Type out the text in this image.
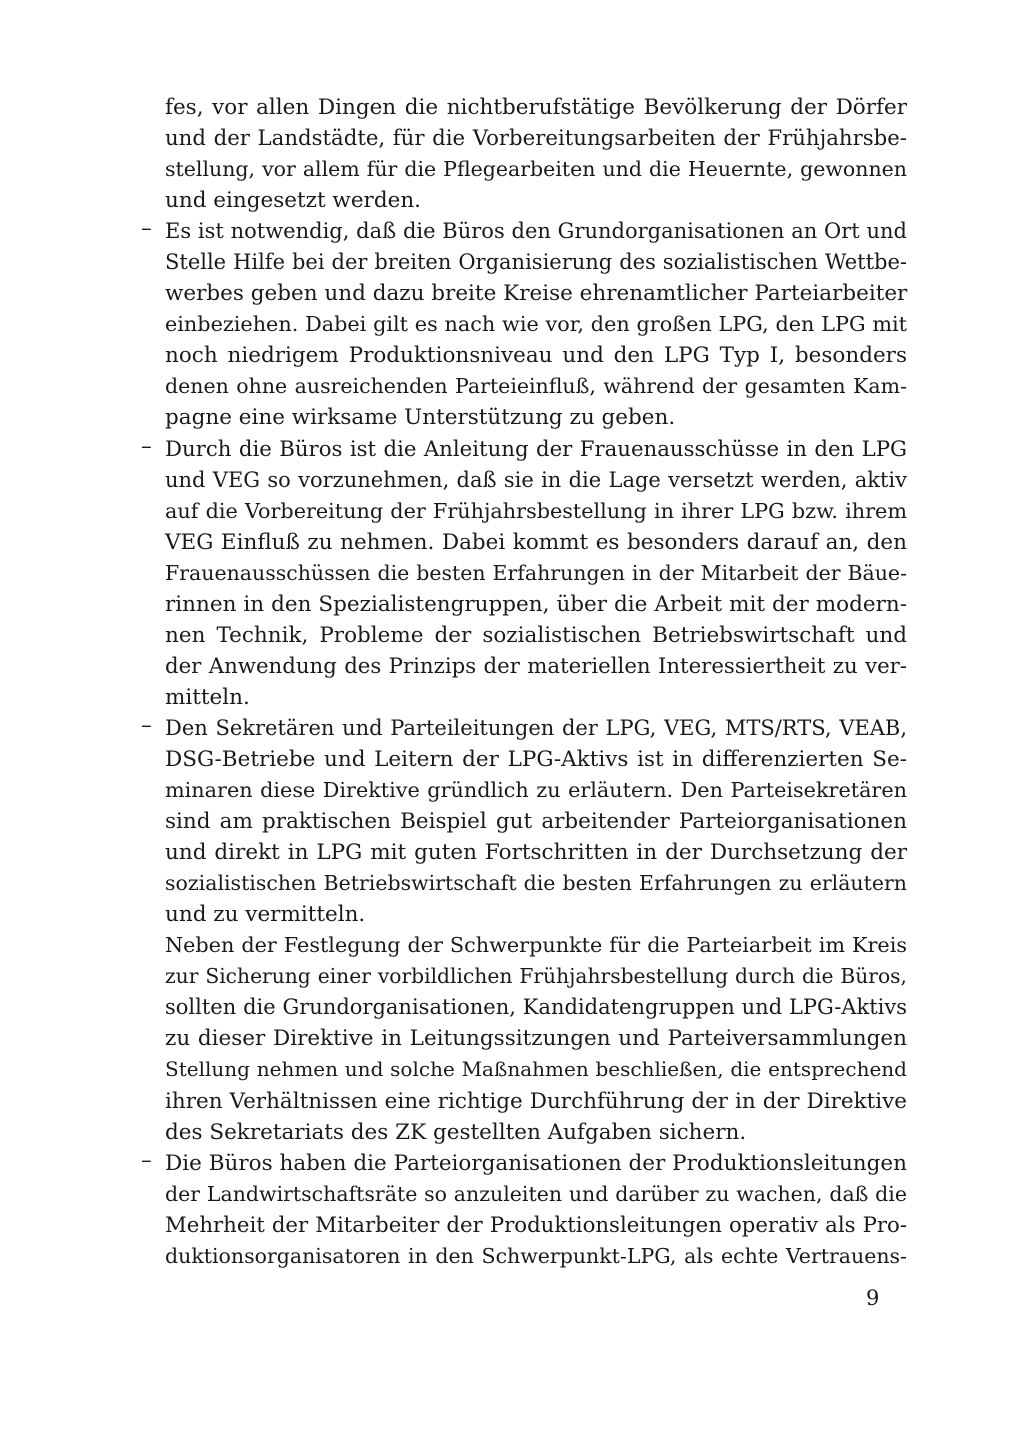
fes, vor allen Dingen die nichtberufstätige Bevölkerung der Dörfer
und der Landstädte, für die Vorbereitungsarbeiten der Frühjahrsbe-
stellung, vor allem für die Pflegearbeiten und die Heuernte, gewonnen
und eingesetzt werden.
– Es ist notwendig, daß die Büros den Grundorganisationen an Ort und
Stelle Hilfe bei der breiten Organisierung des sozialistischen Wettbe-
werbes geben und dazu breite Kreise ehrenamtlicher Parteiarbeiter
einbeziehen. Dabei gilt es nach wie vor, den großen LPG, den LPG mit
noch niedrigem Produktionsniveau und den LPG Typ I, besonders
denen ohne ausreichenden Parteieinfluß, während der gesamten Kam-
pagne eine wirksame Unterstützung zu geben.
– Durch die Büros ist die Anleitung der Frauenausschüsse in den LPG
und VEG so vorzunehmen, daß sie in die Lage versetzt werden, aktiv
auf die Vorbereitung der Frühjahrsbestellung in ihrer LPG bzw. ihrem
VEG Einfluß zu nehmen. Dabei kommt es besonders darauf an, den
Frauenausschüssen die besten Erfahrungen in der Mitarbeit der Bäue-
rinnen in den Spezialistengruppen, über die Arbeit mit der modern-
nen Technik, Probleme der sozialistischen Betriebswirtschaft und
der Anwendung des Prinzips der materiellen Interessiertheit zu ver-
mitteln.
– Den Sekretären und Parteileitungen der LPG, VEG, MTS/RTS, VEAB,
DSG-Betriebe und Leitern der LPG-Aktivs ist in differenzierten Se-
minaren diese Direktive gründlich zu erläutern. Den Parteisekretären
sind am praktischen Beispiel gut arbeitender Parteiorganisationen
und direkt in LPG mit guten Fortschritten in der Durchsetzung der
sozialistischen Betriebswirtschaft die besten Erfahrungen zu erläutern
und zu vermitteln.
Neben der Festlegung der Schwerpunkte für die Parteiarbeit im Kreis
zur Sicherung einer vorbildlichen Frühjahrsbestellung durch die Büros,
sollten die Grundorganisationen, Kandidatengruppen und LPG-Aktivs
zu dieser Direktive in Leitungssitzungen und Parteiversammlungen
Stellung nehmen und solche Maßnahmen beschließen, die entsprechend
ihren Verhältnissen eine richtige Durchführung der in der Direktive
des Sekretariats des ZK gestellten Aufgaben sichern.
– Die Büros haben die Parteiorganisationen der Produktionsleitungen
der Landwirtschaftsräte so anzuleiten und darüber zu wachen, daß die
Mehrheit der Mitarbeiter der Produktionsleitungen operativ als Pro-
duktionsorganisatoren in den Schwerpunkt-LPG, als echte Vertrauens-
9
